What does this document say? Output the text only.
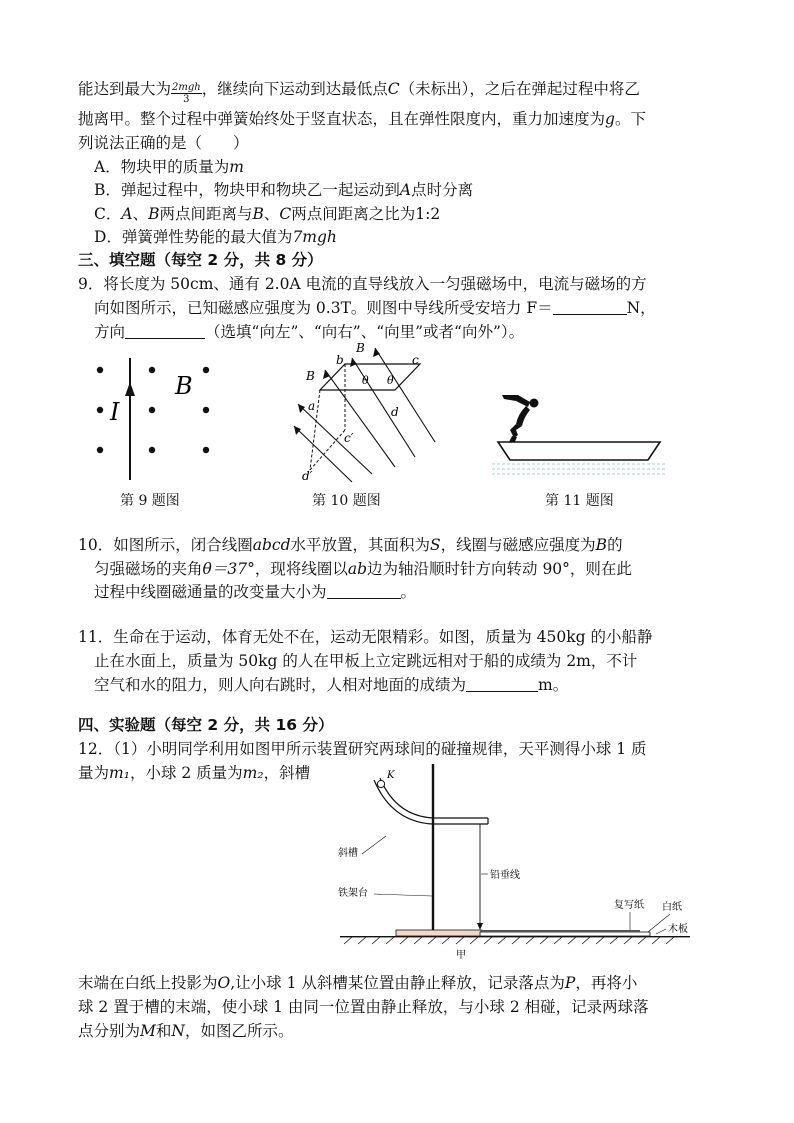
能达到最大为 $\frac{\text{2mgh}}{3}$ ，继续向下运动到达最低点C（未标出），之后在弹起过程中将乙
抛离甲。整个过程中弹簧始终处于竖直状态，且在弹性限度内，重力加速度为g。下
列说法正确的是（　　）
A．物块甲的质量为m
B．弹起过程中，物块甲和物块乙一起运动到A点时分离
C．A、B两点间距离与B、C两点间距离之比为1:2
D．弹簧弹性势能的最大值为7mgh
三、填空题（每空 2 分，共 8 分）
9．将长度为 50cm、通有 2.0A 电流的直导线放入一匀强磁场中，电流与磁场的方
向如图所示，已知磁感应强度为 0.3T。则图中导线所受安培力 F＝	N，
方向	（选填“向左”、“向右”、“向里”或者“向外”）。
I
B
第 9 题图
B
B
a
b	c
d
c′
d′
θ θ
第 10 题图	第 11 题图
10．如图所示，闭合线圈abcd水平放置，其面积为S，线圈与磁感应强度为B的
匀强磁场的夹角θ＝37°，现将线圈以ab边为轴沿顺时针方向转动 90°，则在此
过程中线圈磁通量的改变量大小为	。
11．生命在于运动，体育无处不在，运动无限精彩。如图，质量为 450kg 的小船静
止在水面上，质量为 50kg 的人在甲板上立定跳远相对于船的成绩为 2m，不计
空气和水的阻力，则人向右跳时，人相对地面的成绩为	m。
四、实验题（每空 2 分，共 16 分）
12．（1）小明同学利用如图甲所示装置研究两球间的碰撞规律，天平测得小球 1 质
量为m₁，小球 2 质量为m₂，斜槽	K
铅垂线
斜槽
铁架台
复写纸 白纸
木板
甲
末端在白纸上投影为O,让小球 1 从斜槽某位置由静止释放，记录落点为P，再将小
球 2 置于槽的末端，使小球 1 由同一位置由静止释放，与小球 2 相碰，记录两球落
点分别为M和N，如图乙所示。
